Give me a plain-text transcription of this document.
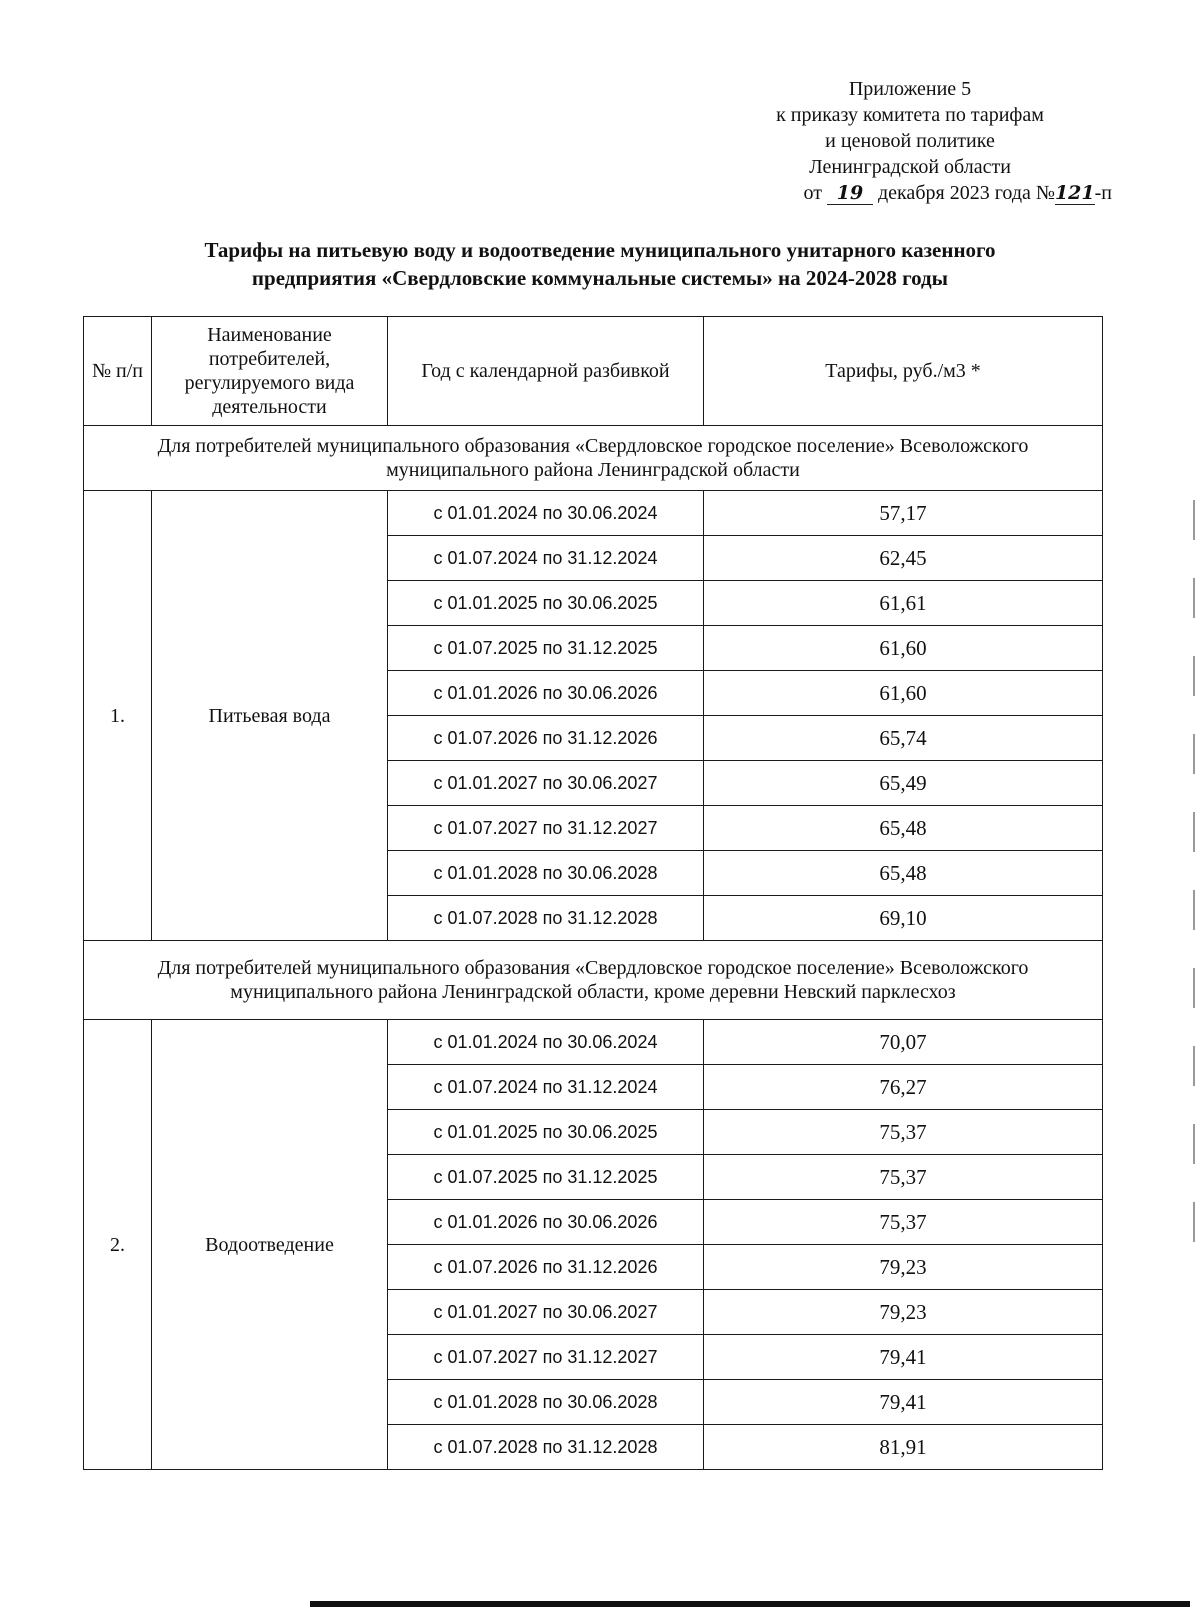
Приложение 5
к приказу комитета по тарифам
и ценовой политике
Ленинградской области
от 19 декабря 2023 года №121-п
Тарифы на питьевую воду и водоотведение муниципального унитарного казенного
предприятия «Свердловские коммунальные системы» на 2024-2028 годы
№ п/п	Наименование потребителей, регулируемого вида деятельности	Год с календарной разбивкой	Тарифы, руб./м3 *
Для потребителей муниципального образования «Свердловское городское поселение» Всеволожского муниципального района Ленинградской области			
1.	Питьевая вода	с 01.01.2024 по 30.06.2024	57,17
		с 01.07.2024 по 31.12.2024	62,45
		с 01.01.2025 по 30.06.2025	61,61
		с 01.07.2025 по 31.12.2025	61,60
		с 01.01.2026 по 30.06.2026	61,60
		с 01.07.2026 по 31.12.2026	65,74
		с 01.01.2027 по 30.06.2027	65,49
		с 01.07.2027 по 31.12.2027	65,48
		с 01.01.2028 по 30.06.2028	65,48
		с 01.07.2028 по 31.12.2028	69,10
Для потребителей муниципального образования «Свердловское городское поселение» Всеволожского муниципального района Ленинградской области, кроме деревни Невский парклесхоз			
2.	Водоотведение	с 01.01.2024 по 30.06.2024	70,07
		с 01.07.2024 по 31.12.2024	76,27
		с 01.01.2025 по 30.06.2025	75,37
		с 01.07.2025 по 31.12.2025	75,37
		с 01.01.2026 по 30.06.2026	75,37
		с 01.07.2026 по 31.12.2026	79,23
		с 01.01.2027 по 30.06.2027	79,23
		с 01.07.2027 по 31.12.2027	79,41
		с 01.01.2028 по 30.06.2028	79,41
		с 01.07.2028 по 31.12.2028	81,91
